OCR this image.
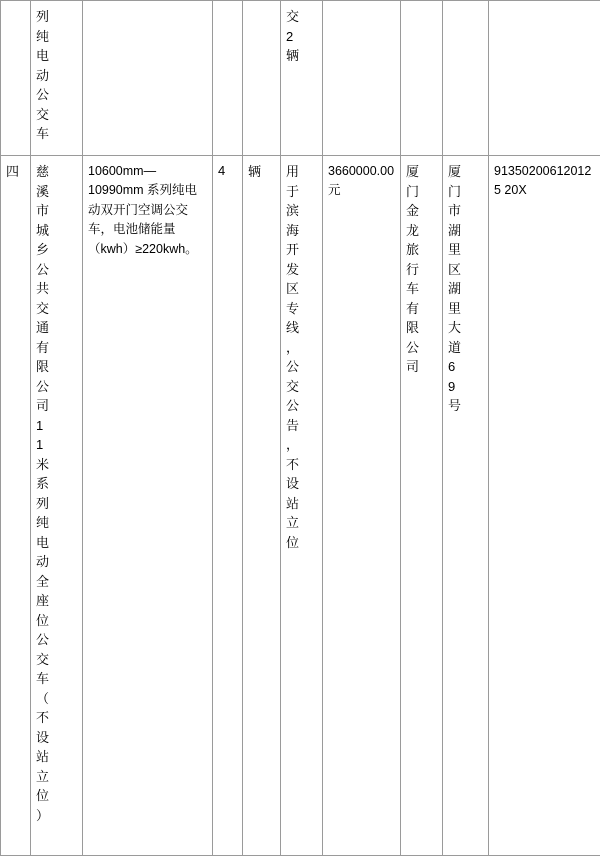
	列纯电动公交车				交2辆				

四	慈溪市城乡公共交通有限公司11米系列纯电动全座位公交车（不设站立位）	10600mm—10990mm 系列纯电动双开门空调公交车，电池储能量（kwh）≥220kwh。	4	辆	用于滨海开发区专线，公交公告，不设站立位	3660000.00 元	厦门金龙旅行车有限公司	厦门市湖里区湖里大道69号	913502006120125 20X
